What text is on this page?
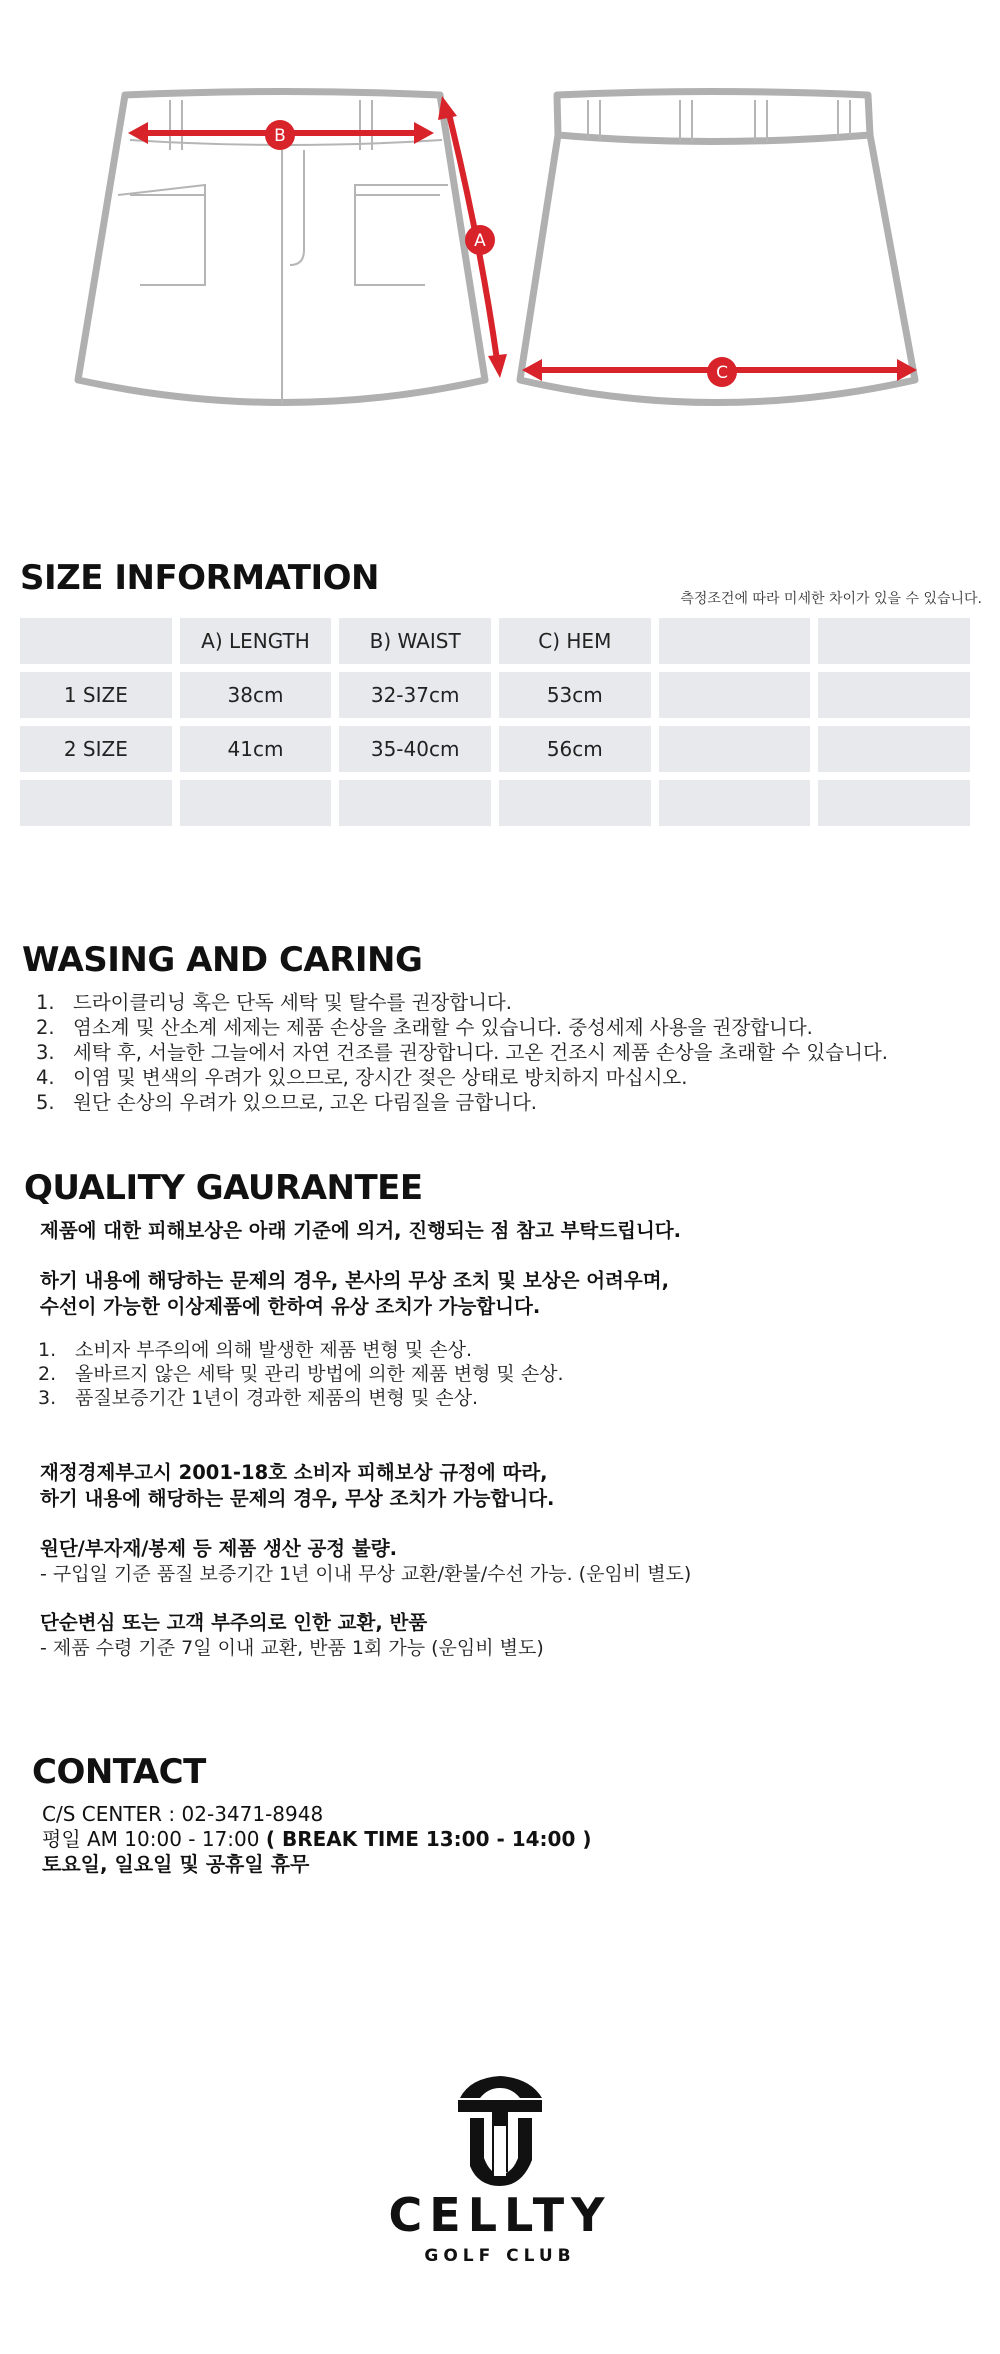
B
A
C
SIZE INFORMATION
측정조건에 따라 미세한 차이가 있을 수 있습니다.
	A) LENGTH	B) WAIST	C) HEM		
1 SIZE	38cm	32-37cm	53cm		
2 SIZE	41cm	35-40cm	56cm		

WASING AND CARING
1. 드라이클리닝 혹은 단독 세탁 및 탈수를 권장합니다.
2. 염소계 및 산소계 세제는 제품 손상을 초래할 수 있습니다. 중성세제 사용을 권장합니다.
3. 세탁 후, 서늘한 그늘에서 자연 건조를 권장합니다. 고온 건조시 제품 손상을 초래할 수 있습니다.
4. 이염 및 변색의 우려가 있으므로, 장시간 젖은 상태로 방치하지 마십시오.
5. 원단 손상의 우려가 있으므로, 고온 다림질을 금합니다.
QUALITY GAURANTEE
제품에 대한 피해보상은 아래 기준에 의거, 진행되는 점 참고 부탁드립니다.
하기 내용에 해당하는 문제의 경우, 본사의 무상 조치 및 보상은 어려우며,
수선이 가능한 이상제품에 한하여 유상 조치가 가능합니다.
1. 소비자 부주의에 의해 발생한 제품 변형 및 손상.
2. 올바르지 않은 세탁 및 관리 방법에 의한 제품 변형 및 손상.
3. 품질보증기간 1년이 경과한 제품의 변형 및 손상.
재정경제부고시 2001-18호 소비자 피해보상 규정에 따라,
하기 내용에 해당하는 문제의 경우, 무상 조치가 가능합니다.
원단/부자재/봉제 등 제품 생산 공정 불량.
- 구입일 기준 품질 보증기간 1년 이내 무상 교환/환불/수선 가능. (운임비 별도)
단순변심 또는 고객 부주의로 인한 교환, 반품
- 제품 수령 기준 7일 이내 교환, 반품 1회 가능 (운임비 별도)
CONTACT
C/S CENTER : 02-3471-8948
평일 AM 10:00 - 17:00 ( BREAK TIME 13:00 - 14:00 )
토요일, 일요일 및 공휴일 휴무
CELLTY
GOLF CLUB
